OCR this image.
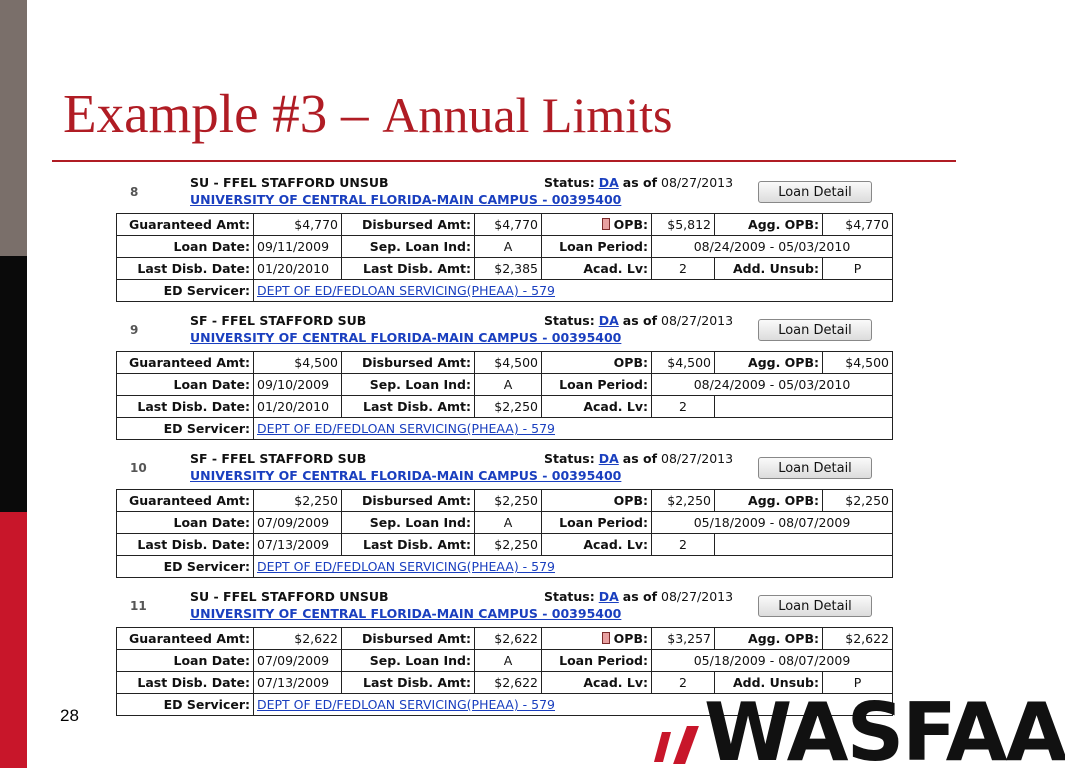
Example #3 – Annual Limits
8
SU - FFEL STAFFORD UNSUB
UNIVERSITY OF CENTRAL FLORIDA-MAIN CAMPUS - 00395400
Status: DA as of 08/27/2013
Loan Detail
Guaranteed Amt:	$4,770	Disbursed Amt:	$4,770	OPB:	$5,812	Agg. OPB:	$4,770
Loan Date:	09/11/2009	Sep. Loan Ind:	A	Loan Period:	08/24/2009 - 05/03/2010		
Last Disb. Date:	01/20/2010	Last Disb. Amt:	$2,385	Acad. Lv:	2	Add. Unsub:	P
ED Servicer:	DEPT OF ED/FEDLOAN SERVICING(PHEAA) - 579						
9
SF - FFEL STAFFORD SUB
UNIVERSITY OF CENTRAL FLORIDA-MAIN CAMPUS - 00395400
Status: DA as of 08/27/2013
Loan Detail
Guaranteed Amt:	$4,500	Disbursed Amt:	$4,500	OPB:	$4,500	Agg. OPB:	$4,500
Loan Date:	09/10/2009	Sep. Loan Ind:	A	Loan Period:	08/24/2009 - 05/03/2010		
Last Disb. Date:	01/20/2010	Last Disb. Amt:	$2,250	Acad. Lv:	2		
ED Servicer:	DEPT OF ED/FEDLOAN SERVICING(PHEAA) - 579						
10
SF - FFEL STAFFORD SUB
UNIVERSITY OF CENTRAL FLORIDA-MAIN CAMPUS - 00395400
Status: DA as of 08/27/2013
Loan Detail
Guaranteed Amt:	$2,250	Disbursed Amt:	$2,250	OPB:	$2,250	Agg. OPB:	$2,250
Loan Date:	07/09/2009	Sep. Loan Ind:	A	Loan Period:	05/18/2009 - 08/07/2009		
Last Disb. Date:	07/13/2009	Last Disb. Amt:	$2,250	Acad. Lv:	2		
ED Servicer:	DEPT OF ED/FEDLOAN SERVICING(PHEAA) - 579						
11
SU - FFEL STAFFORD UNSUB
UNIVERSITY OF CENTRAL FLORIDA-MAIN CAMPUS - 00395400
Status: DA as of 08/27/2013
Loan Detail
Guaranteed Amt:	$2,622	Disbursed Amt:	$2,622	OPB:	$3,257	Agg. OPB:	$2,622
Loan Date:	07/09/2009	Sep. Loan Ind:	A	Loan Period:	05/18/2009 - 08/07/2009		
Last Disb. Date:	07/13/2009	Last Disb. Amt:	$2,622	Acad. Lv:	2	Add. Unsub:	P
ED Servicer:	DEPT OF ED/FEDLOAN SERVICING(PHEAA) - 579						
28	WASFAA
